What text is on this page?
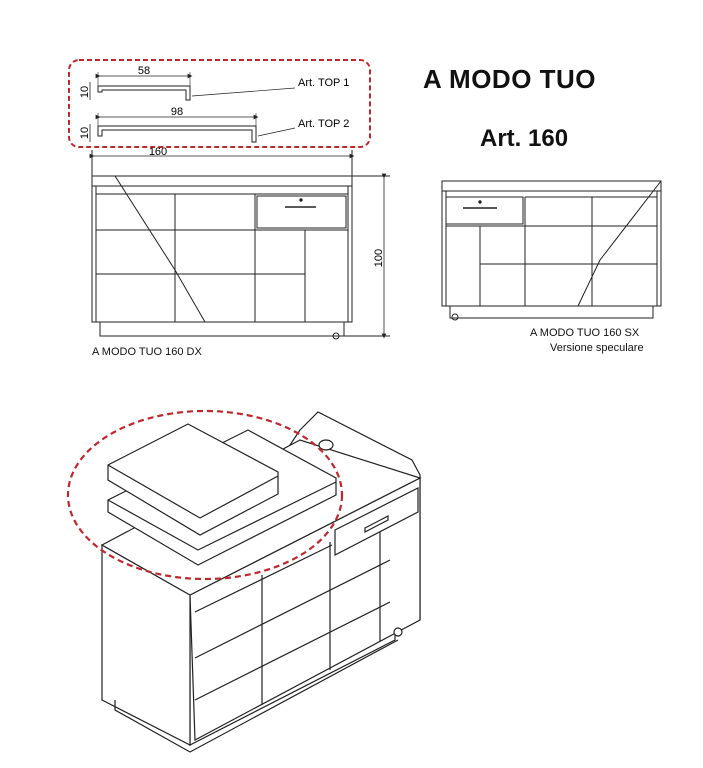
A MODO TUO
Art. 160
A MODO TUO 160 DX
A MODO TUO 160 SX
Versione speculare
58
10
Art. TOP 1
98
10
Art. TOP 2
160
100
